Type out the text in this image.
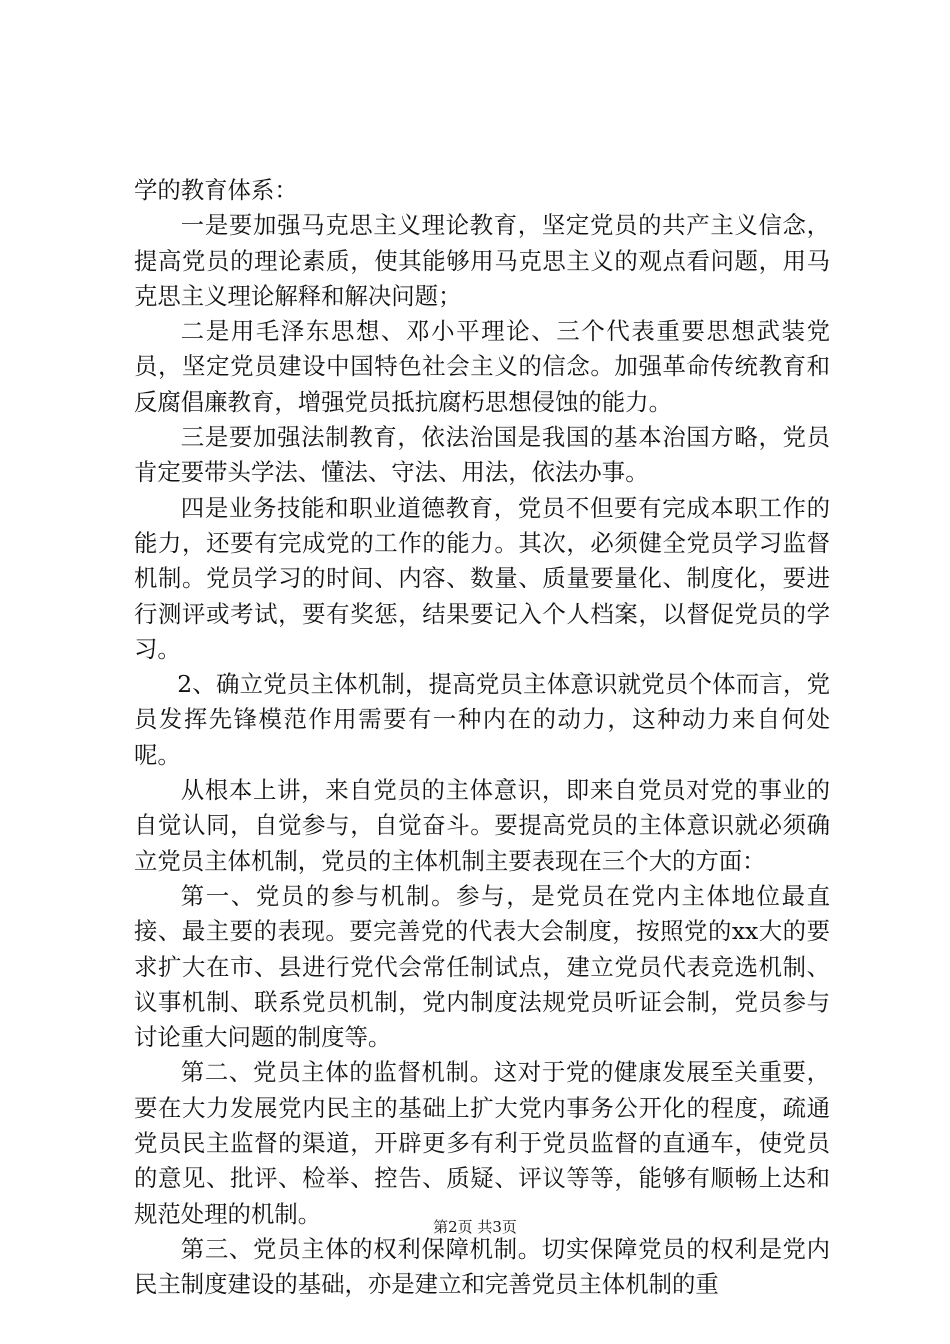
学的教育体系：

一是要加强马克思主义理论教育，坚定党员的共产主义信念，提高党员的理论素质，使其能够用马克思主义的观点看问题，用马克思主义理论解释和解决问题；

二是用毛泽东思想、邓小平理论、三个代表重要思想武装党员，坚定党员建设中国特色社会主义的信念。加强革命传统教育和反腐倡廉教育，增强党员抵抗腐朽思想侵蚀的能力。

三是要加强法制教育，依法治国是我国的基本治国方略，党员肯定要带头学法、懂法、守法、用法，依法办事。

四是业务技能和职业道德教育，党员不但要有完成本职工作的能力，还要有完成党的工作的能力。其次，必须健全党员学习监督机制。党员学习的时间、内容、数量、质量要量化、制度化，要进行测评或考试，要有奖惩，结果要记入个人档案，以督促党员的学习。

2、确立党员主体机制，提高党员主体意识就党员个体而言，党员发挥先锋模范作用需要有一种内在的动力，这种动力来自何处呢。

从根本上讲，来自党员的主体意识，即来自党员对党的事业的自觉认同，自觉参与，自觉奋斗。要提高党员的主体意识就必须确立党员主体机制，党员的主体机制主要表现在三个大的方面：

第一、党员的参与机制。参与，是党员在党内主体地位最直接、最主要的表现。要完善党的代表大会制度，按照党的xx大的要求扩大在市、县进行党代会常任制试点，建立党员代表竞选机制、议事机制、联系党员机制，党内制度法规党员听证会制，党员参与讨论重大问题的制度等。

第二、党员主体的监督机制。这对于党的健康发展至关重要，要在大力发展党内民主的基础上扩大党内事务公开化的程度，疏通党员民主监督的渠道，开辟更多有利于党员监督的直通车，使党员的意见、批评、检举、控告、质疑、评议等等，能够有顺畅上达和规范处理的机制。

第三、党员主体的权利保障机制。切实保障党员的权利是党内民主制度建设的基础，亦是建立和完善党员主体机制的重

第2页 共3页
